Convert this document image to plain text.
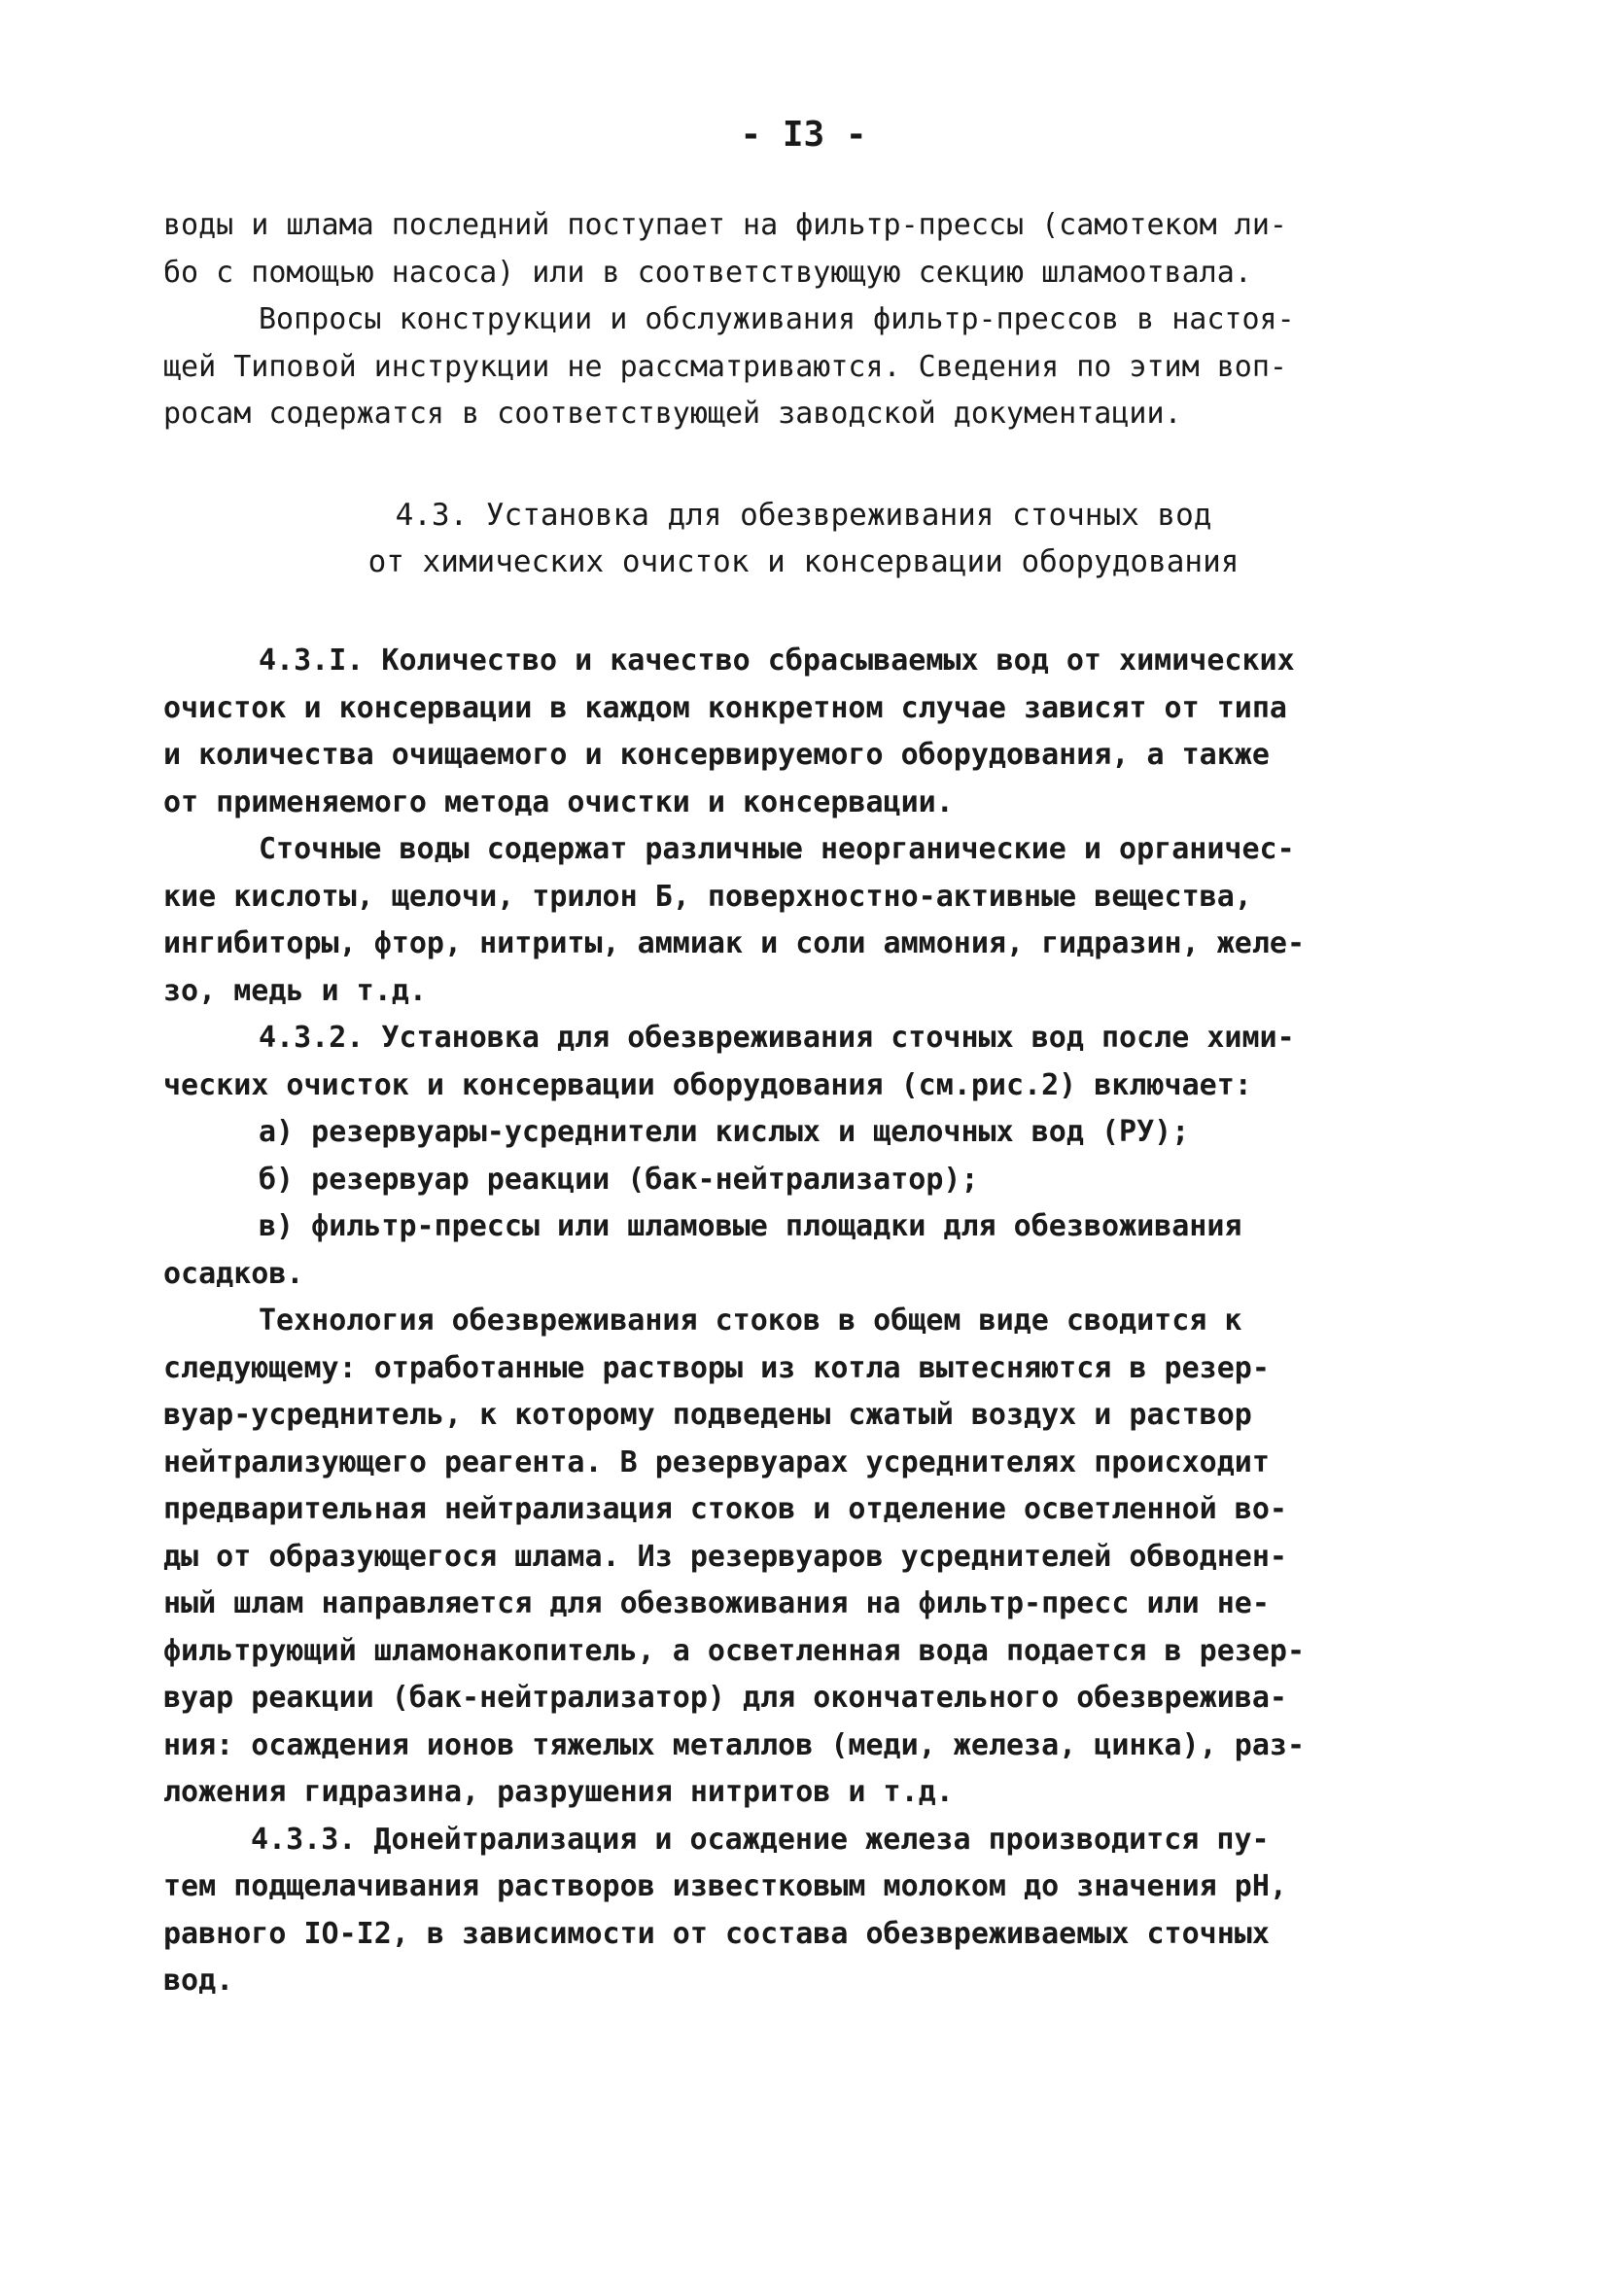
- I3 -
воды и шлама последний поступает на фильтр-прессы (самотеком ли-
бо с помощью насоса) или в соответствующую секцию шламоотвала.
Вопросы конструкции и обслуживания фильтр-прессов в настоя-
щей Типовой инструкции не рассматриваются. Сведения по этим воп-
росам содержатся в соответствующей заводской документации.
4.3. Установка для обезвреживания сточных вод
от химических очисток и консервации оборудования
4.3.I. Количество и качество сбрасываемых вод от химических
очисток и консервации в каждом конкретном случае зависят от типа
и количества очищаемого и консервируемого оборудования, а также
от применяемого метода очистки и консервации.
Сточные воды содержат различные неорганические и органичес-
кие кислоты, щелочи, трилон Б, поверхностно-активные вещества,
ингибиторы, фтор, нитриты, аммиак и соли аммония, гидразин, желе-
зо, медь и т.д.
4.3.2. Установка для обезвреживания сточных вод после хими-
ческих очисток и консервации оборудования (см.рис.2) включает:
а) резервуары-усреднители кислых и щелочных вод (РУ);
б) резервуар реакции (бак-нейтрализатор);
в) фильтр-прессы или шламовые площадки для обезвоживания
осадков.
Технология обезвреживания стоков в общем виде сводится к
следующему: отработанные растворы из котла вытесняются в резер-
вуар-усреднитель, к которому подведены сжатый воздух и раствор
нейтрализующего реагента. В резервуарах усреднителях происходит
предварительная нейтрализация стоков и отделение осветленной во-
ды от образующегося шлама. Из резервуаров усреднителей обводнен-
ный шлам направляется для обезвоживания на фильтр-пресс или не-
фильтрующий шламонакопитель, а осветленная вода подается в резер-
вуар реакции (бак-нейтрализатор) для окончательного обезврежива-
ния: осаждения ионов тяжелых металлов (меди, железа, цинка), раз-
ложения гидразина, разрушения нитритов и т.д.
4.3.3. Донейтрализация и осаждение железа производится пу-
тем подщелачивания растворов известковым молоком до значения pH,
равного IO-I2, в зависимости от состава обезвреживаемых сточных
вод.
